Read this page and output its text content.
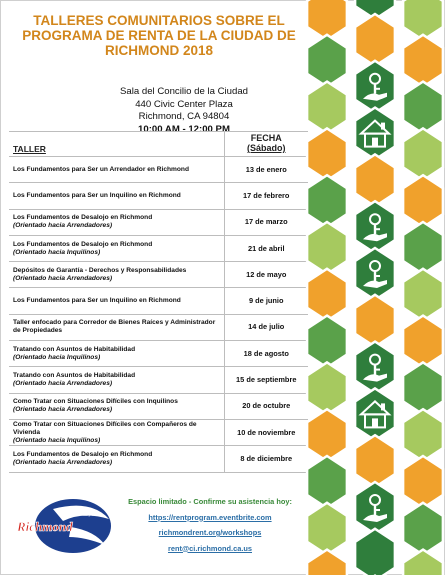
TALLERES COMUNITARIOS SOBRE EL PROGRAMA DE RENTA DE LA CIUDAD DE RICHMOND 2018
Sala del Concilio de la Ciudad
440 Civic Center Plaza
Richmond, CA 94804
10:00 AM - 12:00 PM
TALLER	FECHA
(Sábado)

Los Fundamentos para Ser un Arrendador en Richmond	13 de enero

Los Fundamentos para Ser un Inquilino en Richmond	17 de febrero

Los Fundamentos de Desalojo en Richmond
(Orientado hacia Arrendadores)	17 de marzo

Los Fundamentos de Desalojo en Richmond
(Orientado hacia Inquilinos)	21 de abril

Depósitos de Garantía - Derechos y Responsabilidades
(Orientado hacia Arrendadores)	12 de mayo

Los Fundamentos para Ser un Inquilino en Richmond	9 de junio

Taller enfocado para Corredor de Bienes Raíces y Administrador de Propiedades	14 de julio

Tratando con Asuntos de Habitabilidad
(Orientado hacia Inquilinos)	18 de agosto

Tratando con Asuntos de Habitabilidad
(Orientado hacia Arrendadores)	15 de septiembre

Como Tratar con Situaciones Difíciles con Inquilinos
(Orientado hacia Arrendadores)	20 de octubre

Como Tratar con Situaciones Difíciles con Compañeros de Vivienda
(Orientado hacia Inquilinos)	10 de noviembre

Los Fundamentos de Desalojo en Richmond
(Orientado hacia Arrendadores)	8 de diciembre
City of
Richmond
Espacio limitado - Confirme su asistencia hoy:
https://rentprogram.eventbrite.com
richmondrent.org/workshops
rent@ci.richmond.ca.us
